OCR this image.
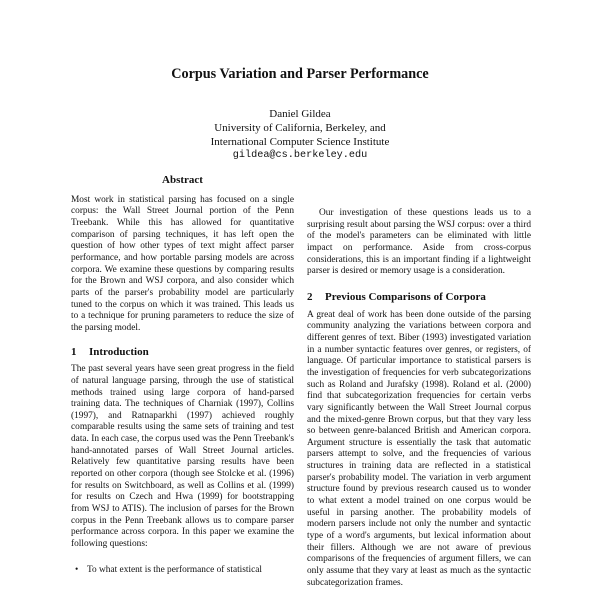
Corpus Variation and Parser Performance
Daniel Gildea
University of California, Berkeley, and
International Computer Science Institute
gildea@cs.berkeley.edu
Abstract

Most work in statistical parsing has focused on a single corpus: the Wall Street Journal portion of the Penn Treebank. While this has allowed for quantitative comparison of parsing techniques, it has left open the question of how other types of text might affect parser performance, and how portable parsing models are across corpora. We examine these questions by comparing results for the Brown and WSJ corpora, and also consider which parts of the parser's probability model are particularly tuned to the corpus on which it was trained. This leads us to a technique for pruning parameters to reduce the size of the parsing model.

1 Introduction

The past several years have seen great progress in the field of natural language parsing, through the use of statistical methods trained using large corpora of hand-parsed training data. The techniques of Charniak (1997), Collins (1997), and Ratnaparkhi (1997) achieved roughly comparable results using the same sets of training and test data. In each case, the corpus used was the Penn Treebank's hand-annotated parses of Wall Street Journal articles. Relatively few quantitative parsing results have been reported on other corpora (though see Stolcke et al. (1996) for results on Switchboard, as well as Collins et al. (1999) for results on Czech and Hwa (1999) for bootstrapping from WSJ to ATIS). The inclusion of parses for the Brown corpus in the Penn Treebank allows us to compare parser performance across corpora. In this paper we examine the following questions:

• To what extent is the performance of statistical

Our investigation of these questions leads us to a surprising result about parsing the WSJ corpus: over a third of the model's parameters can be eliminated with little impact on performance. Aside from cross-corpus considerations, this is an important finding if a lightweight parser is desired or memory usage is a consideration.

2 Previous Comparisons of Corpora

A great deal of work has been done outside of the parsing community analyzing the variations between corpora and different genres of text. Biber (1993) investigated variation in a number syntactic features over genres, or registers, of language. Of particular importance to statistical parsers is the investigation of frequencies for verb subcategorizations such as Roland and Jurafsky (1998). Roland et al. (2000) find that subcategorization frequencies for certain verbs vary significantly between the Wall Street Journal corpus and the mixed-genre Brown corpus, but that they vary less so between genre-balanced British and American corpora. Argument structure is essentially the task that automatic parsers attempt to solve, and the frequencies of various structures in training data are reflected in a statistical parser's probability model. The variation in verb argument structure found by previous research caused us to wonder to what extent a model trained on one corpus would be useful in parsing another. The probability models of modern parsers include not only the number and syntactic type of a word's arguments, but lexical information about their fillers. Although we are not aware of previous comparisons of the frequencies of argument fillers, we can only assume that they vary at least as much as the syntactic subcategorization frames.
